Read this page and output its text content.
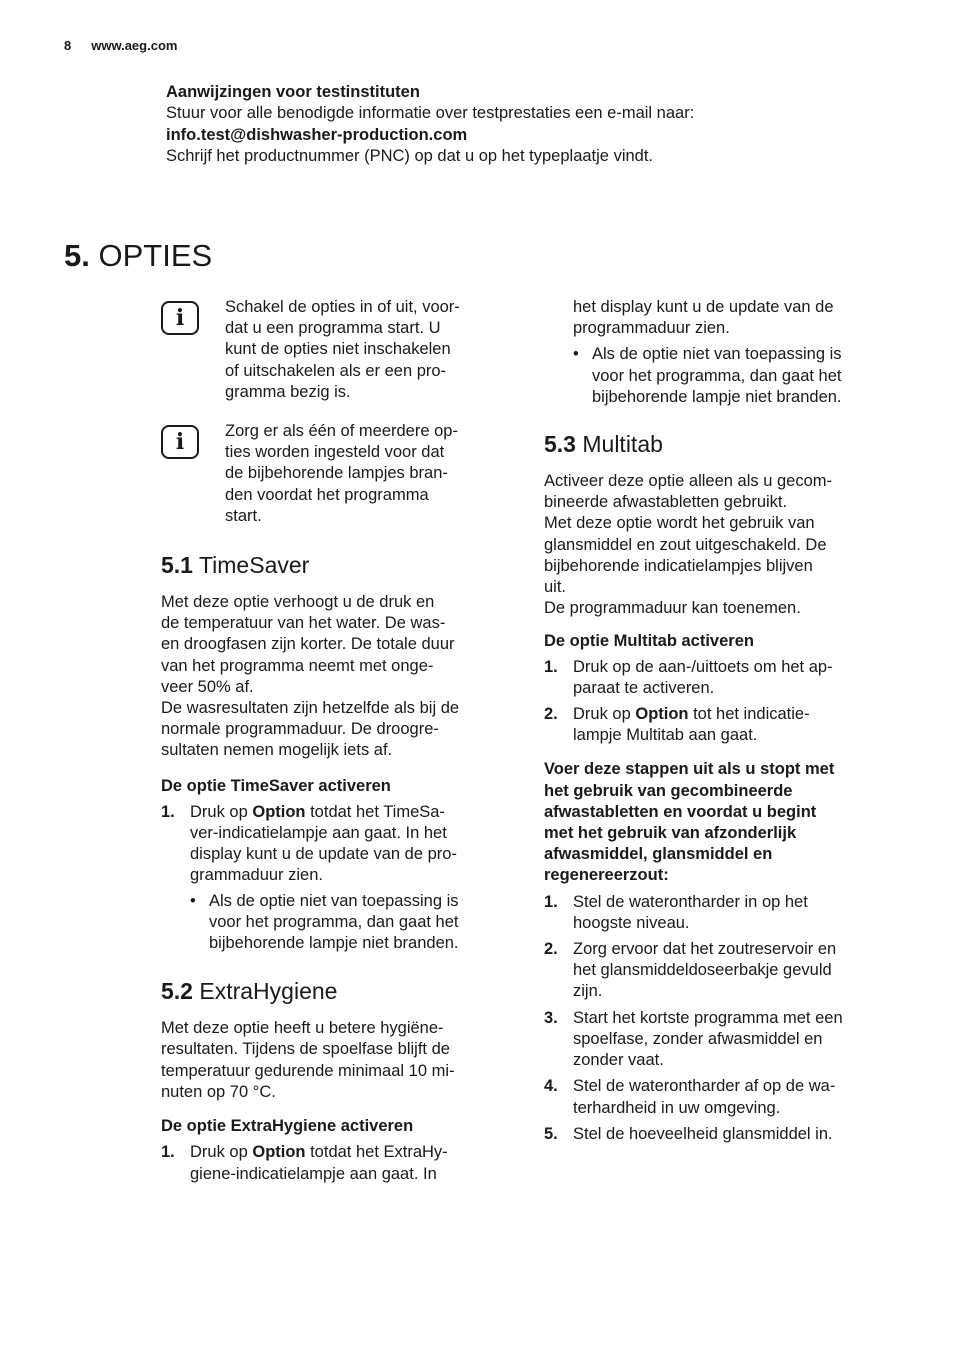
8 www.aeg.com
Aanwijzingen voor testinstituten
Stuur voor alle benodigde informatie over testprestaties een e-mail naar:
info.test@dishwasher-production.com
Schrijf het productnummer (PNC) op dat u op het typeplaatje vindt.
5. OPTIES
i Schakel de opties in of uit, voor-
dat u een programma start. U
kunt de opties niet inschakelen
of uitschakelen als er een pro-
gramma bezig is.
i Zorg er als één of meerdere op-
ties worden ingesteld voor dat
de bijbehorende lampjes bran-
den voordat het programma
start.
5.1 TimeSaver
Met deze optie verhoogt u de druk en
de temperatuur van het water. De was-
en droogfasen zijn korter. De totale duur
van het programma neemt met onge-
veer 50% af.
De wasresultaten zijn hetzelfde als bij de
normale programmaduur. De droogre-
sultaten nemen mogelijk iets af.
De optie TimeSaver activeren
1. Druk op Option totdat het TimeSa-
ver-indicatielampje aan gaat. In het
display kunt u de update van de pro-
grammaduur zien.
• Als de optie niet van toepassing is
voor het programma, dan gaat het
bijbehorende lampje niet branden.
5.2 ExtraHygiene
Met deze optie heeft u betere hygiëne-
resultaten. Tijdens de spoelfase blijft de
temperatuur gedurende minimaal 10 mi-
nuten op 70 °C.
De optie ExtraHygiene activeren
1. Druk op Option totdat het ExtraHy-
giene-indicatielampje aan gaat. In
het display kunt u de update van de
programmaduur zien.
• Als de optie niet van toepassing is
voor het programma, dan gaat het
bijbehorende lampje niet branden.
5.3 Multitab
Activeer deze optie alleen als u gecom-
bineerde afwastabletten gebruikt.
Met deze optie wordt het gebruik van
glansmiddel en zout uitgeschakeld. De
bijbehorende indicatielampjes blijven
uit.
De programmaduur kan toenemen.
De optie Multitab activeren
1. Druk op de aan-/uittoets om het ap-
paraat te activeren.
2. Druk op Option tot het indicatie-
lampje Multitab aan gaat.
Voer deze stappen uit als u stopt met
het gebruik van gecombineerde
afwastabletten en voordat u begint
met het gebruik van afzonderlijk
afwasmiddel, glansmiddel en
regenereerzout:
1. Stel de waterontharder in op het
hoogste niveau.
2. Zorg ervoor dat het zoutreservoir en
het glansmiddeldoseerbakje gevuld
zijn.
3. Start het kortste programma met een
spoelfase, zonder afwasmiddel en
zonder vaat.
4. Stel de waterontharder af op de wa-
terhardheid in uw omgeving.
5. Stel de hoeveelheid glansmiddel in.
